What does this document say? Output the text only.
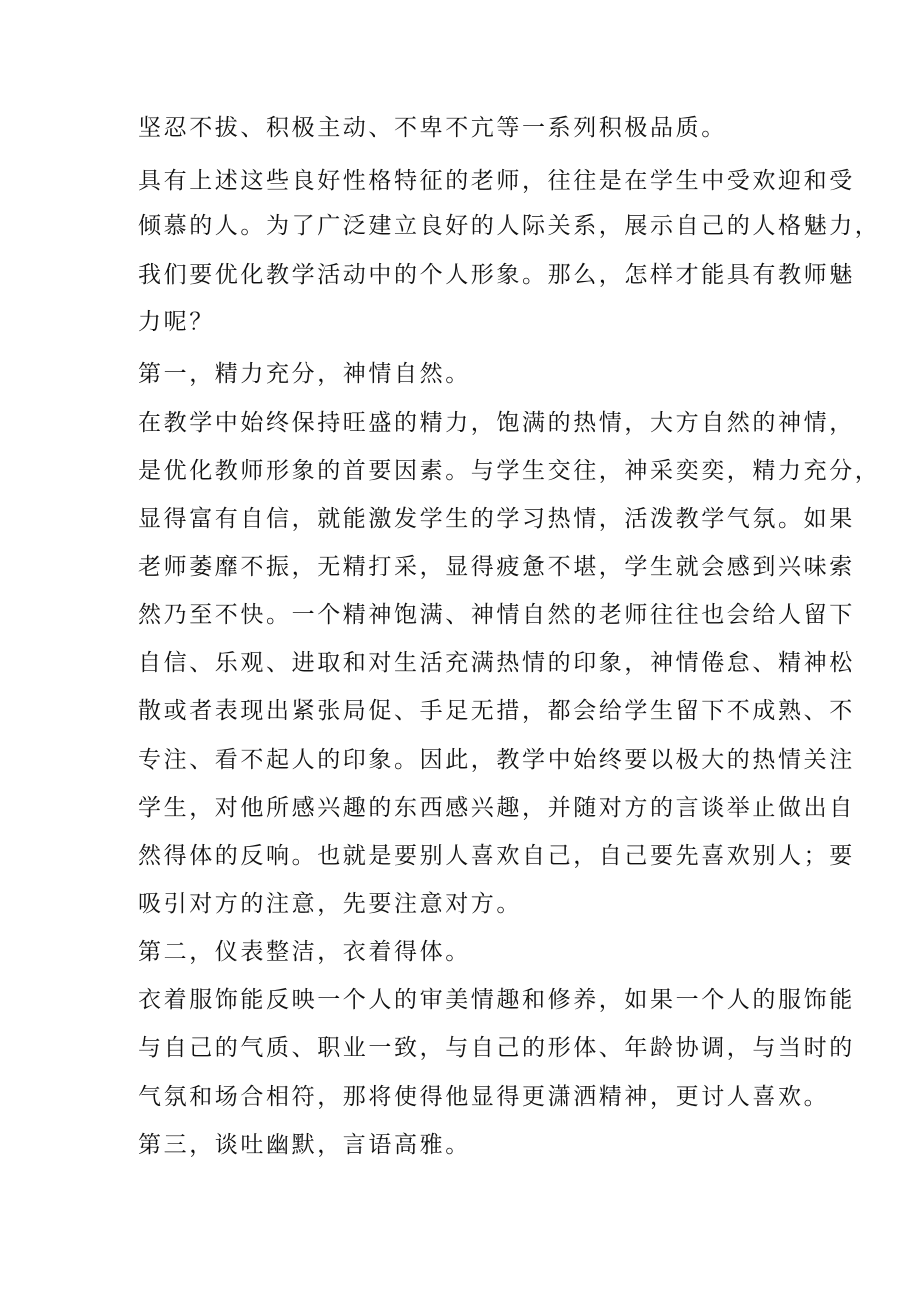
坚忍不拔、积极主动、不卑不亢等一系列积极品质。
具有上述这些良好性格特征的老师，往往是在学生中受欢迎和受
倾慕的人。为了广泛建立良好的人际关系，展示自己的人格魅力，
我们要优化教学活动中的个人形象。那么，怎样才能具有教师魅
力呢？
第一，精力充分，神情自然。
在教学中始终保持旺盛的精力，饱满的热情，大方自然的神情，
是优化教师形象的首要因素。与学生交往，神采奕奕，精力充分，
显得富有自信，就能激发学生的学习热情，活泼教学气氛。如果
老师萎靡不振，无精打采，显得疲惫不堪，学生就会感到兴味索
然乃至不快。一个精神饱满、神情自然的老师往往也会给人留下
自信、乐观、进取和对生活充满热情的印象，神情倦怠、精神松
散或者表现出紧张局促、手足无措，都会给学生留下不成熟、不
专注、看不起人的印象。因此，教学中始终要以极大的热情关注
学生，对他所感兴趣的东西感兴趣，并随对方的言谈举止做出自
然得体的反响。也就是要别人喜欢自己，自己要先喜欢别人；要
吸引对方的注意，先要注意对方。
第二，仪表整洁，衣着得体。
衣着服饰能反映一个人的审美情趣和修养，如果一个人的服饰能
与自己的气质、职业一致，与自己的形体、年龄协调，与当时的
气氛和场合相符，那将使得他显得更潇洒精神，更讨人喜欢。
第三，谈吐幽默，言语高雅。
